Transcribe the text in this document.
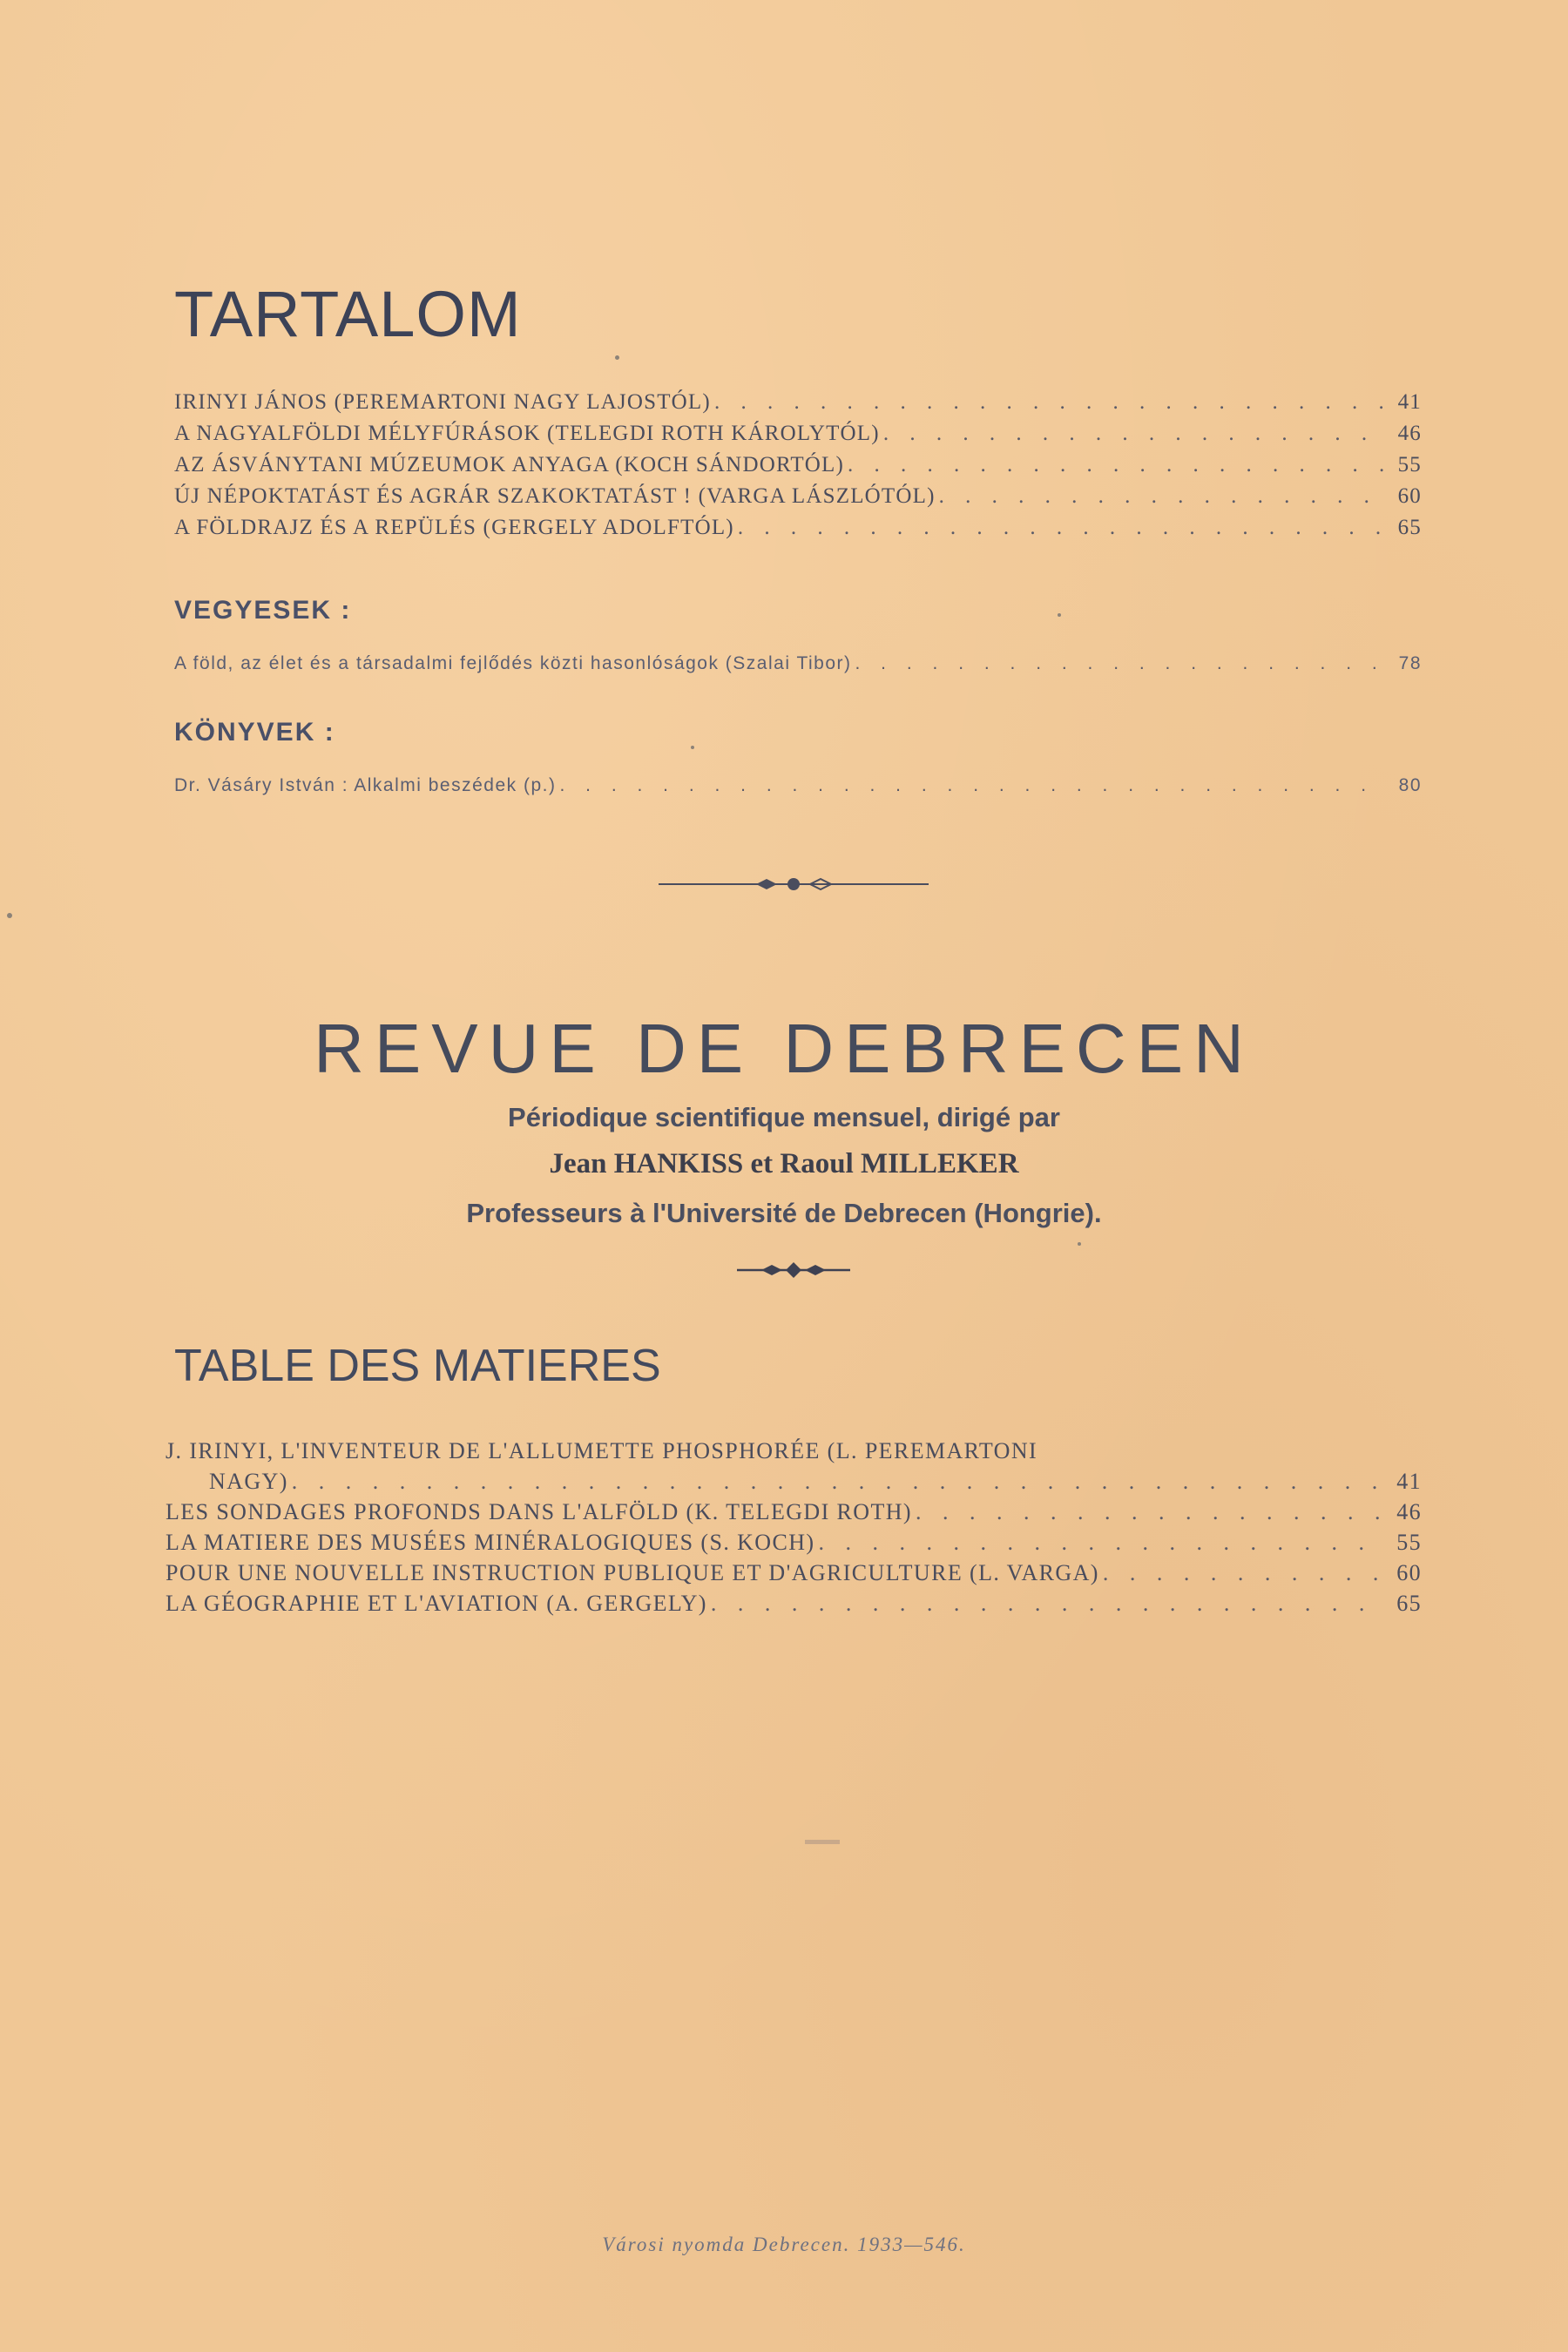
TARTALOM
IRINYI JÁNOS (PEREMARTONI NAGY LAJOSTÓL) . . .	41
A NAGYALFÖLDI MÉLYFÚRÁSOK (TELEGDI ROTH KÁROLYTÓL) . . .	46
AZ ÁSVÁNYTANI MÚZEUMOK ANYAGA (KOCH SÁNDORTÓL) . . .	55
ÚJ NÉPOKTATÁST ÉS AGRÁR SZAKOKTATÁST ! (VARGA LÁSZLÓTÓL) . . .	60
A FÖLDRAJZ ÉS A REPÜLÉS (GERGELY ADOLFTÓL) . . .	65
VEGYESEK :
A föld, az élet és a társadalmi fejlődés közti hasonlóságok (Szalai Tibor) . . .	78
KÖNYVEK :
Dr. Vásáry István : Alkalmi beszédek (p.) . . .	80
REVUE DE DEBRECEN
Périodique scientifique mensuel, dirigé par
Jean HANKISS et Raoul MILLEKER
Professeurs à l'Université de Debrecen (Hongrie).
TABLE DES MATIERES
J. IRINYI, L'INVENTEUR DE L'ALLUMETTE PHOSPHORÉE (L. PEREMARTONI
NAGY) . . .	41
LES SONDAGES PROFONDS DANS L'ALFÖLD (K. TELEGDI ROTH) . . .	46
LA MATIERE DES MUSÉES MINÉRALOGIQUES (S. KOCH) . . .	55
POUR UNE NOUVELLE INSTRUCTION PUBLIQUE ET D'AGRICULTURE (L. VARGA) . . .	60
LA GÉOGRAPHIE ET L'AVIATION (A. GERGELY) . . .	65
Városi nyomda Debrecen. 1933—546.
